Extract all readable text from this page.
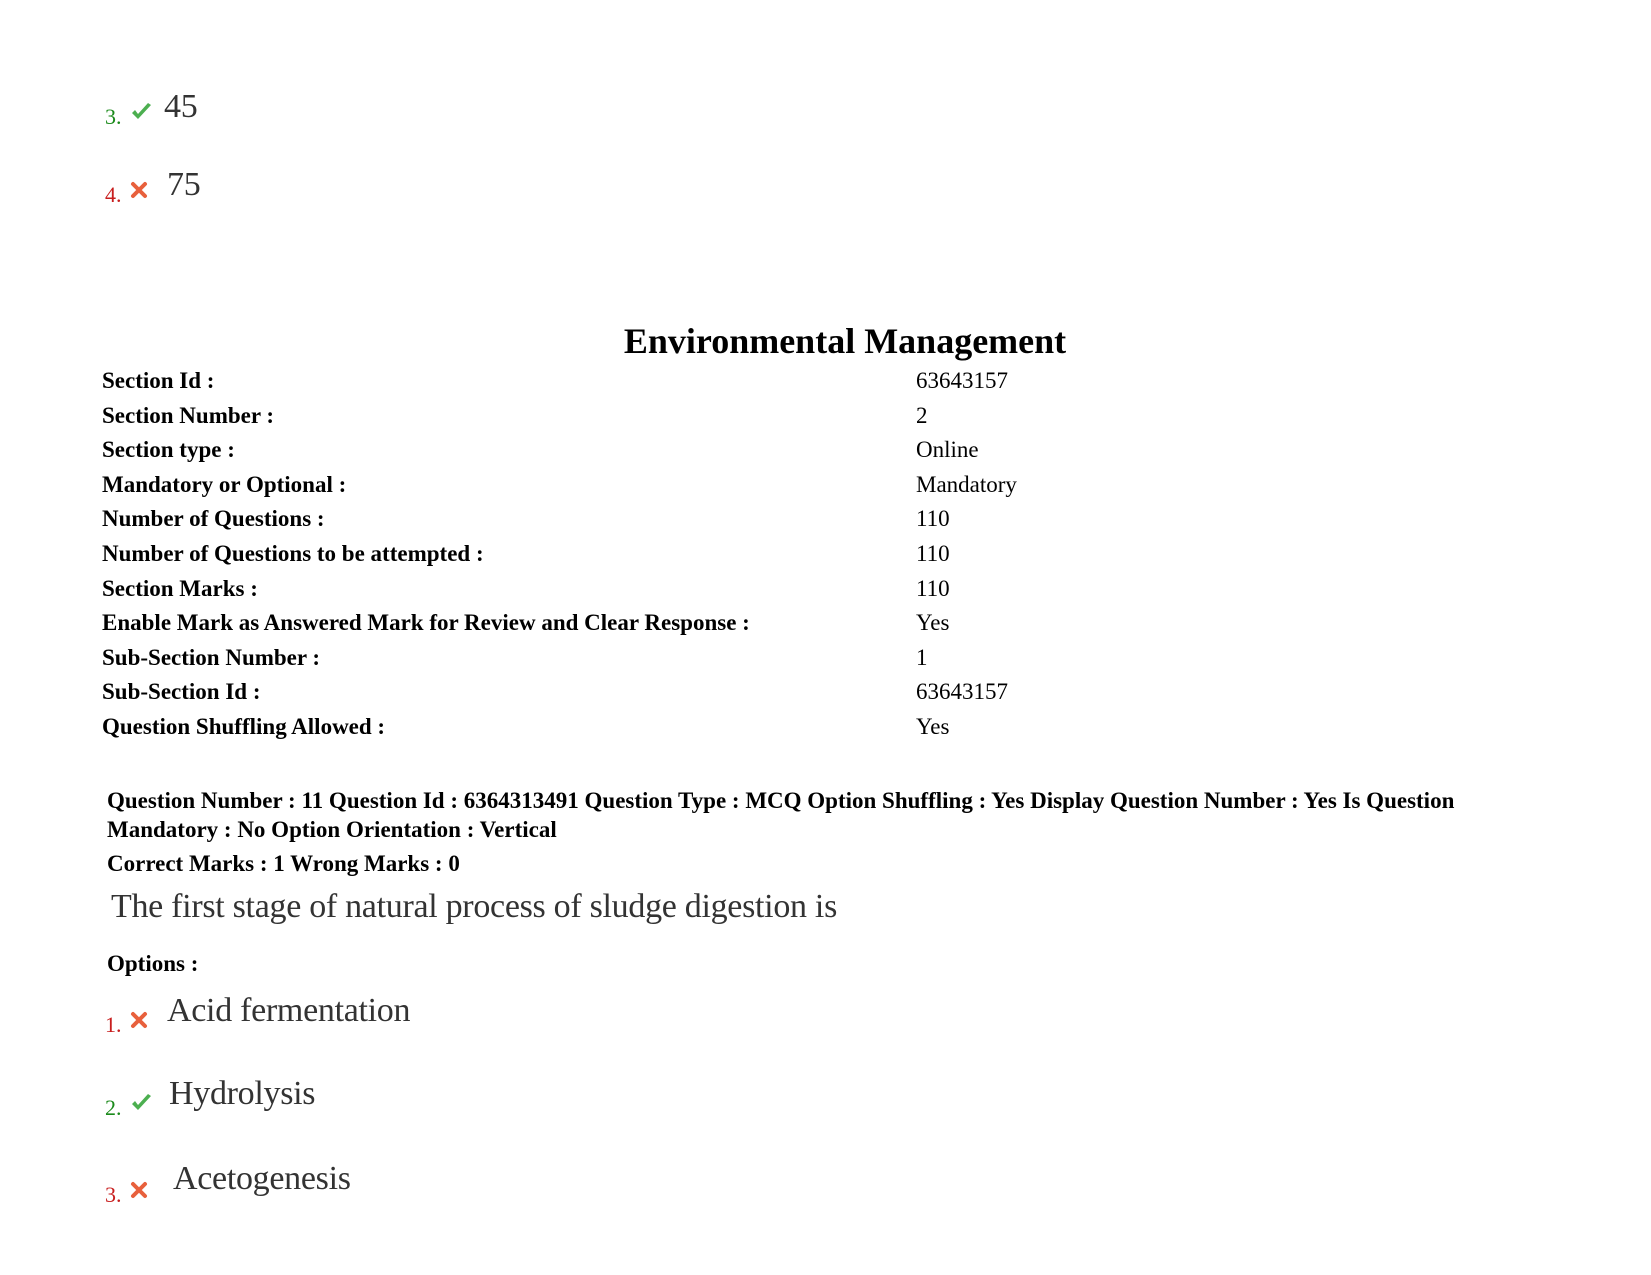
3. 45
4. 75
Environmental Management
Section Id :	63643157
Section Number :	2
Section type :	Online
Mandatory or Optional :	Mandatory
Number of Questions :	110
Number of Questions to be attempted :	110
Section Marks :	110
Enable Mark as Answered Mark for Review and Clear Response :	Yes
Sub-Section Number :	1
Sub-Section Id :	63643157
Question Shuffling Allowed :	Yes
Question Number : 11 Question Id : 6364313491 Question Type : MCQ Option Shuffling : Yes Display Question Number : Yes Is Question Mandatory : No Option Orientation : Vertical
Correct Marks : 1 Wrong Marks : 0
The first stage of natural process of sludge digestion is
Options :
1. Acid fermentation
2. Hydrolysis
3. Acetogenesis
